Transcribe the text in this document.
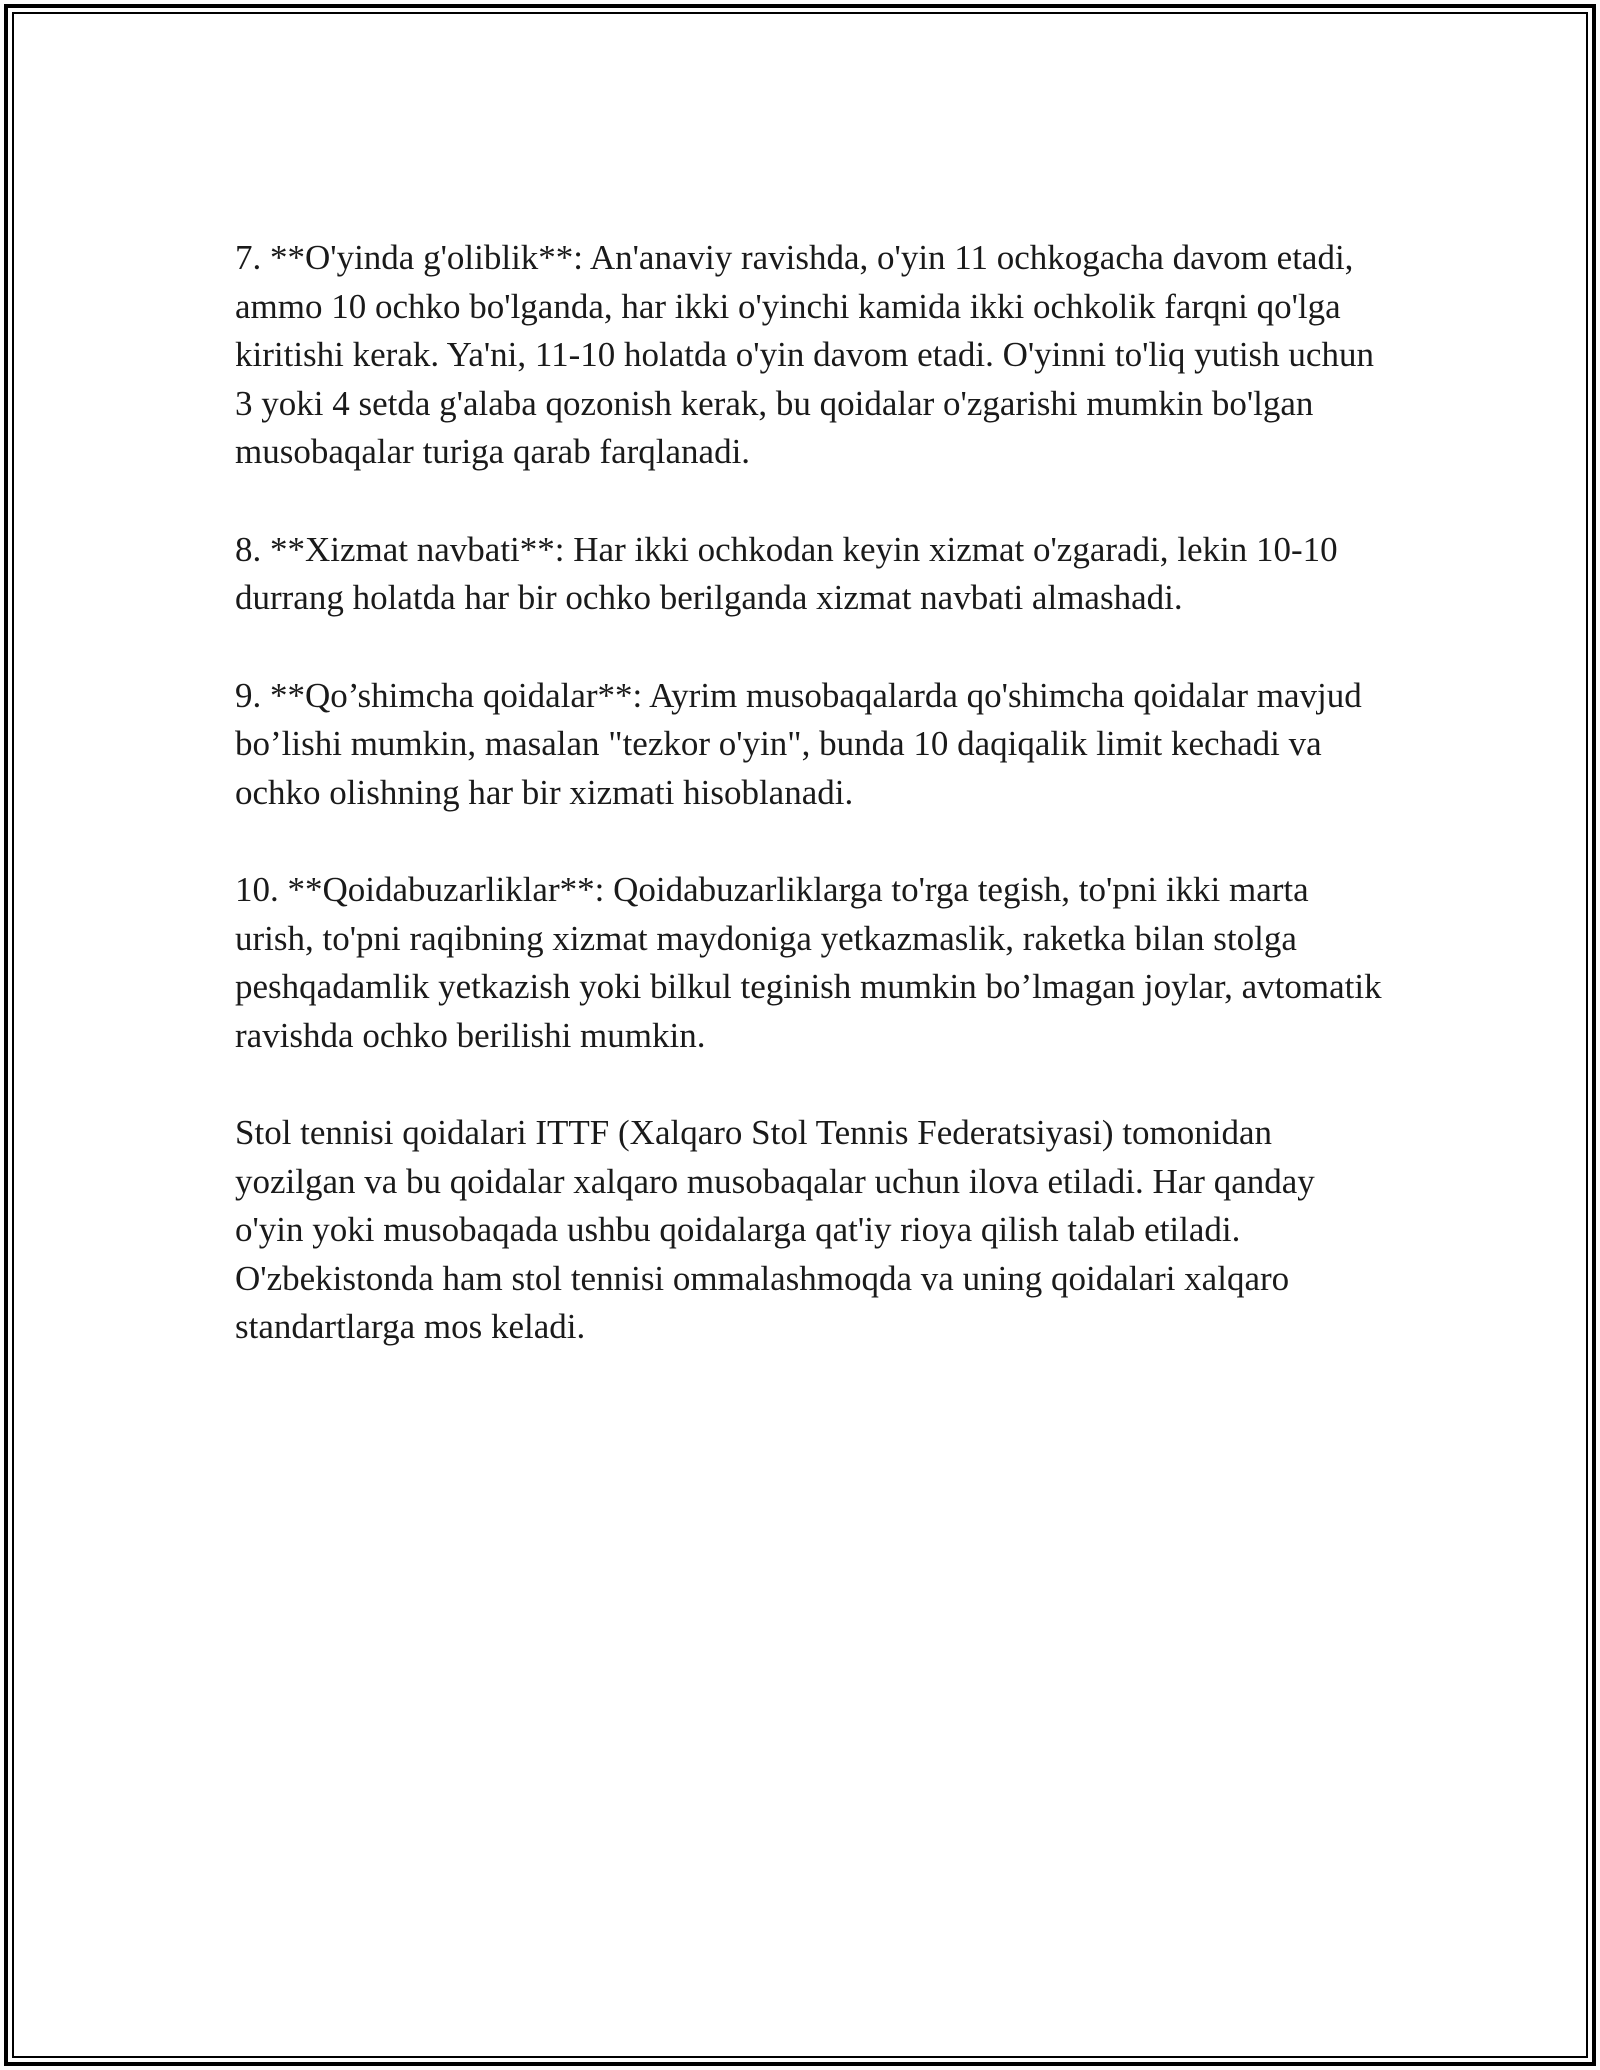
7. **O'yinda g'oliblik**: An'anaviy ravishda, o'yin 11 ochkogacha davom etadi, ammo 10 ochko bo'lganda, har ikki o'yinchi kamida ikki ochkolik farqni qo'lga kiritishi kerak. Ya'ni, 11-10 holatda o'yin davom etadi. O'yinni to'liq yutish uchun 3 yoki 4 setda g'alaba qozonish kerak, bu qoidalar o'zgarishi mumkin bo'lgan musobaqalar turiga qarab farqlanadi.

8. **Xizmat navbati**: Har ikki ochkodan keyin xizmat o'zgaradi, lekin 10-10 durrang holatda har bir ochko berilganda xizmat navbati almashadi.

9. **Qo’shimcha qoidalar**: Ayrim musobaqalarda qo'shimcha qoidalar mavjud bo’lishi mumkin, masalan "tezkor o'yin", bunda 10 daqiqalik limit kechadi va ochko olishning har bir xizmati hisoblanadi.

10. **Qoidabuzarliklar**: Qoidabuzarliklarga to'rga tegish, to'pni ikki marta urish, to'pni raqibning xizmat maydoniga yetkazmaslik, raketka bilan stolga peshqadamlik yetkazish yoki bilkul teginish mumkin bo’lmagan joylar, avtomatik ravishda ochko berilishi mumkin.

Stol tennisi qoidalari ITTF (Xalqaro Stol Tennis Federatsiyasi) tomonidan yozilgan va bu qoidalar xalqaro musobaqalar uchun ilova etiladi. Har qanday o'yin yoki musobaqada ushbu qoidalarga qat'iy rioya qilish talab etiladi. O'zbekistonda ham stol tennisi ommalashmoqda va uning qoidalari xalqaro standartlarga mos keladi.
